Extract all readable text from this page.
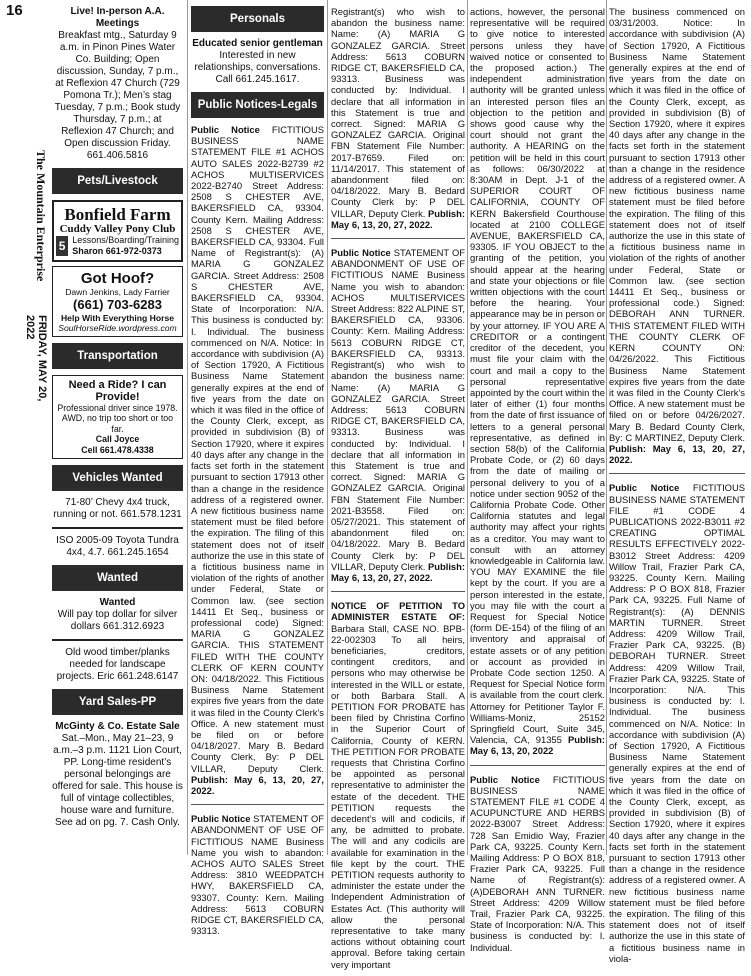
16
The Mountain Enterprise
FRIDAY, MAY 20, 2022
Live! In-person A.A. Meetings
Breakfast mtg., Saturday 9 a.m. in Pinon Pines Water Co. Building; Open discussion, Sunday, 7 p.m., at Reflexion 47 Church (729 Pomona Tr.); Men’s stag Tuesday, 7 p.m.; Book study Thursday, 7 p.m.; at Reflexion 47 Church; and Open discussion Friday.
661.406.5816
Pets/Livestock
Bonfield Farm
Cuddy Valley Pony Club
5 Lessons/Boarding/Training
Sharon 661-972-0373
Got Hoof?
Dawn Jenkins, Lady Farrier
(661) 703-6283
Help With Everything Horse
SoulHorseRide.wordpress.com
Transportation
Need a Ride? I can Provide!
Professional driver since 1978. AWD, no trip too short or too far.
Call Joyce
Cell 661.478.4338
Vehicles Wanted
71-80’ Chevy 4x4 truck, running or not. 661.578.1231
ISO 2005-09 Toyota Tundra 4x4, 4.7. 661.245.1654
Wanted
Wanted
Will pay top dollar for silver dollars 661.312.6923
Old wood timber/planks needed for landscape projects. Eric 661.248.6147
Yard Sales-PP
McGinty & Co. Estate Sale
Sat.–Mon., May 21–23, 9 a.m.–3 p.m. 1121 Lion Court, PP. Long-time resident’s personal belongings are offered for sale. This house is full of vintage collectibles, house ware and furniture. See ad on pg. 7. Cash Only.
Personals
Educated senior gentleman
Interested in new relationships, conversations. Call 661.245.1617.
Public Notices-Legals
Public Notice FICTITIOUS BUSINESS NAME STATEMENT FILE #1 ACHOS AUTO SALES 2022-B2739 #2 ACHOS MULTISERVICES 2022-B2740 Street Address: 2508 S CHESTER AVE, BAKERSFIELD CA, 93304. County Kern. Mailing Address: 2508 S CHESTER AVE, BAKERSFIELD CA, 93304. Full Name of Registrant(s): (A) MARIA G GONZALEZ GARCIA. Street Address: 2508 S CHESTER AVE, BAKERSFIELD CA, 93304. State of Incorporation: N/A. This business is conducted by: I. Individual. The business commenced on N/A. Notice: In accordance with subdivision (A) of Section 17920, A Fictitious Business Name Statement generally expires at the end of five years from the date on which it was filed in the office of the County Clerk, except, as provided in subdivision (B) of Section 17920, where it expires 40 days after any change in the facts set forth in the statement pursuant to section 17913 other than a change in the residence address of a registered owner. A new fictitious business name statement must be filed before the expiration. The filing of this statement does not of itself authorize the use in this state of a fictitious business name in violation of the rights of another under Federal, State or Common law. (see section 14411 Et Seq., business or professional code) Signed: MARIA G GONZALEZ GARCIA. THIS STATEMENT FILED WITH THE COUNTY CLERK OF KERN COUNTY ON: 04/18/2022. This Fictitious Business Name Statement expires five years from the date it was filed in the County Clerk’s Office. A new statement must be filed on or before 04/18/2027. Mary B. Bedard County Clerk, By: P DEL VILLAR, Deputy Clerk. Publish: May 6, 13, 20, 27, 2022.
Public Notice STATEMENT OF ABANDONMENT OF USE OF FICTITIOUS NAME Business Name you wish to abandon: ACHOS AUTO SALES Street Address: 3810 WEEDPATCH HWY, BAKERSFIELD CA, 93307. County: Kern. Mailing Address: 5613 COBURN RIDGE CT, BAKERSFIELD CA, 93313.
Registrant(s) who wish to abandon the business name: Name: (A) MARIA G GONZALEZ GARCIA. Street Address: 5613 COBURN RIDGE CT, BAKERSFIELD CA, 93313. Business was conducted by: Individual. I declare that all information in this Statement is true and correct. Signed: MARIA G GONZALEZ GARCIA. Original FBN Statement File Number: 2017-B7659. Filed on: 11/14/2017. This statement of abandonment filed on: 04/18/2022. Mary B. Bedard County Clerk by: P DEL VILLAR, Deputy Clerk. Publish: May 6, 13, 20, 27, 2022.
Public Notice STATEMENT OF ABANDONMENT OF USE OF FICTITIOUS NAME Business Name you wish to abandon: ACHOS MULTISERVICES Street Address: 822 ALPINE ST, BAKERSFIELD CA, 93306. County: Kern. Mailing Address: 5613 COBURN RIDGE CT, BAKERSFIELD CA, 93313. Registrant(s) who wish to abandon the business name: Name: (A) MARIA G GONZALEZ GARCIA. Street Address: 5613 COBURN RIDGE CT, BAKERSFIELD CA, 93313. Business was conducted by: Individual. I declare that all information in this Statement is true and correct. Signed: MARIA G GONZALEZ GARCIA. Original FBN Statement File Number: 2021-B3558. Filed on: 05/27/2021. This statement of abandonment filed on: 04/18/2022. Mary B. Bedard County Clerk by: P DEL VILLAR, Deputy Clerk. Publish: May 6, 13, 20, 27, 2022.
NOTICE OF PETITION TO ADMINISTER ESTATE OF: Barbara Stall, CASE NO. BPB-22-002303 To all heirs, beneficiaries, creditors, contingent creditors, and persons who may otherwise be interested in the WILL or estate, or both Barbara Stall. A PETITION FOR PROBATE has been filed by Christina Corfino in the Superior Court of California, County of KERN. THE PETITION FOR PROBATE requests that Christina Corfino be appointed as personal representative to administer the estate of the decedent. THE PETITION requests the decedent’s will and codicils, if any, be admitted to probate. The will and any codicils are available for examination in the file kept by the court. THE PETITION requests authority to administer the estate under the Independent Administration of Estates Act. (This authority will allow the personal representative to take many actions without obtaining court approval. Before taking certain very important
actions, however, the personal representative will be required to give notice to interested persons unless they have waived notice or consented to the proposed action.) The independent administration authority will be granted unless an interested person files an objection to the petition and shows good cause why the court should not grant the authority. A HEARING on the petition will be held in this court as follows: 06/30/2022 at 8:30AM in Dept. J-1 of the SUPERIOR COURT OF CALIFORNIA, COUNTY OF KERN Bakersfield Courthouse located at 2100 COLLEGE AVENUE, BAKERSFIELD CA, 93305. IF YOU OBJECT to the granting of the petition, you should appear at the hearing and state your objections or file written objections with the court before the hearing. Your appearance may be in person or by your attorney. IF YOU ARE A CREDITOR or a contingent creditor of the decedent, you must file your claim with the court and mail a copy to the personal representative appointed by the court within the later of either (1) four months from the date of first issuance of letters to a general personal representative, as defined in section 58(b) of the California Probate Code, or (2) 60 days from the date of mailing or personal delivery to you of a notice under section 9052 of the California Probate Code. Other California statutes and legal authority may affect your rights as a creditor. You may want to consult with an attorney knowledgeable in California law. YOU MAY EXAMINE the file kept by the court. If you are a person interested in the estate, you may file with the court a Request for Special Notice (form DE-154) of the filing of an inventory and appraisal of estate assets or of any petition or account as provided in Probate Code section 1250. A Request for Special Notice form is available from the court clerk. Attorney for Petitioner Taylor F. Williams-Moniz, 25152 Springfield Court, Suite 345, Valencia, CA, 91355 Publish: May 6, 13, 20, 2022
Public Notice FICTITIOUS BUSINESS NAME STATEMENT FILE #1 CODE 4 ACUPUNCTURE AND HERBS 2022-B3007 Street Address: 728 San Emidio Way, Frazier Park CA, 93225. County Kern. Mailing Address: P O BOX 818, Frazier Park CA, 93225. Full Name of Registrant(s): (A)DEBORAH ANN TURNER. Street Address: 4209 Willow Trail, Frazier Park CA, 93225. State of Incorporation: N/A. This business is conducted by: I. Individual.
The business commenced on 03/31/2003. Notice: In accordance with subdivision (A) of Section 17920, A Fictitious Business Name Statement generally expires at the end of five years from the date on which it was filed in the office of the County Clerk, except, as provided in subdivision (B) of Section 17920, where it expires 40 days after any change in the facts set forth in the statement pursuant to section 17913 other than a change in the residence address of a registered owner. A new fictitious business name statement must be filed before the expiration. The filing of this statement does not of itself authorize the use in this state of a fictitious business name in violation of the rights of another under Federal, State or Common law. (see section 14411 Et Seq., business or professional code.) Signed: DEBORAH ANN TURNER. THIS STATEMENT FILED WITH THE COUNTY CLERK OF KERN COUNTY ON: 04/26/2022. This Fictitious Business Name Statement expires five years from the date it was filed in the County Clerk’s Office. A new statement must be filed on or before 04/26/2027. Mary B. Bedard County Clerk, By: C MARTINEZ, Deputy Clerk. Publish: May 6, 13, 20, 27, 2022.
Public Notice FICTITIOUS BUSINESS NAME STATEMENT FILE #1 CODE 4 PUBLICATIONS 2022-B3011 #2 CREATING OPTIMAL RESULTS EFFECTIVELY 2022-B3012 Street Address: 4209 Willow Trail, Frazier Park CA, 93225. County Kern. Mailing Address: P O BOX 818, Frazier Park CA, 93225. Full Name of Registrant(s): (A) DENNIS MARTIN TURNER. Street Address: 4209 Willow Trail, Frazier Park CA, 93225. (B) DEBORAH TURNER. Street Address: 4209 Willow Trail, Frazier Park CA, 93225. State of Incorporation: N/A. This business is conducted by: I. Individual. The business commenced on N/A. Notice: In accordance with subdivision (A) of Section 17920, A Fictitious Business Name Statement generally expires at the end of five years from the date on which it was filed in the office of the County Clerk, except, as provided in subdivision (B) of Section 17920, where it expires 40 days after any change in the facts set forth in the statement pursuant to section 17913 other than a change in the residence address of a registered owner. A new fictitious business name statement must be filed before the expiration. The filing of this statement does not of itself authorize the use in this state of a fictitious business name in viola-
